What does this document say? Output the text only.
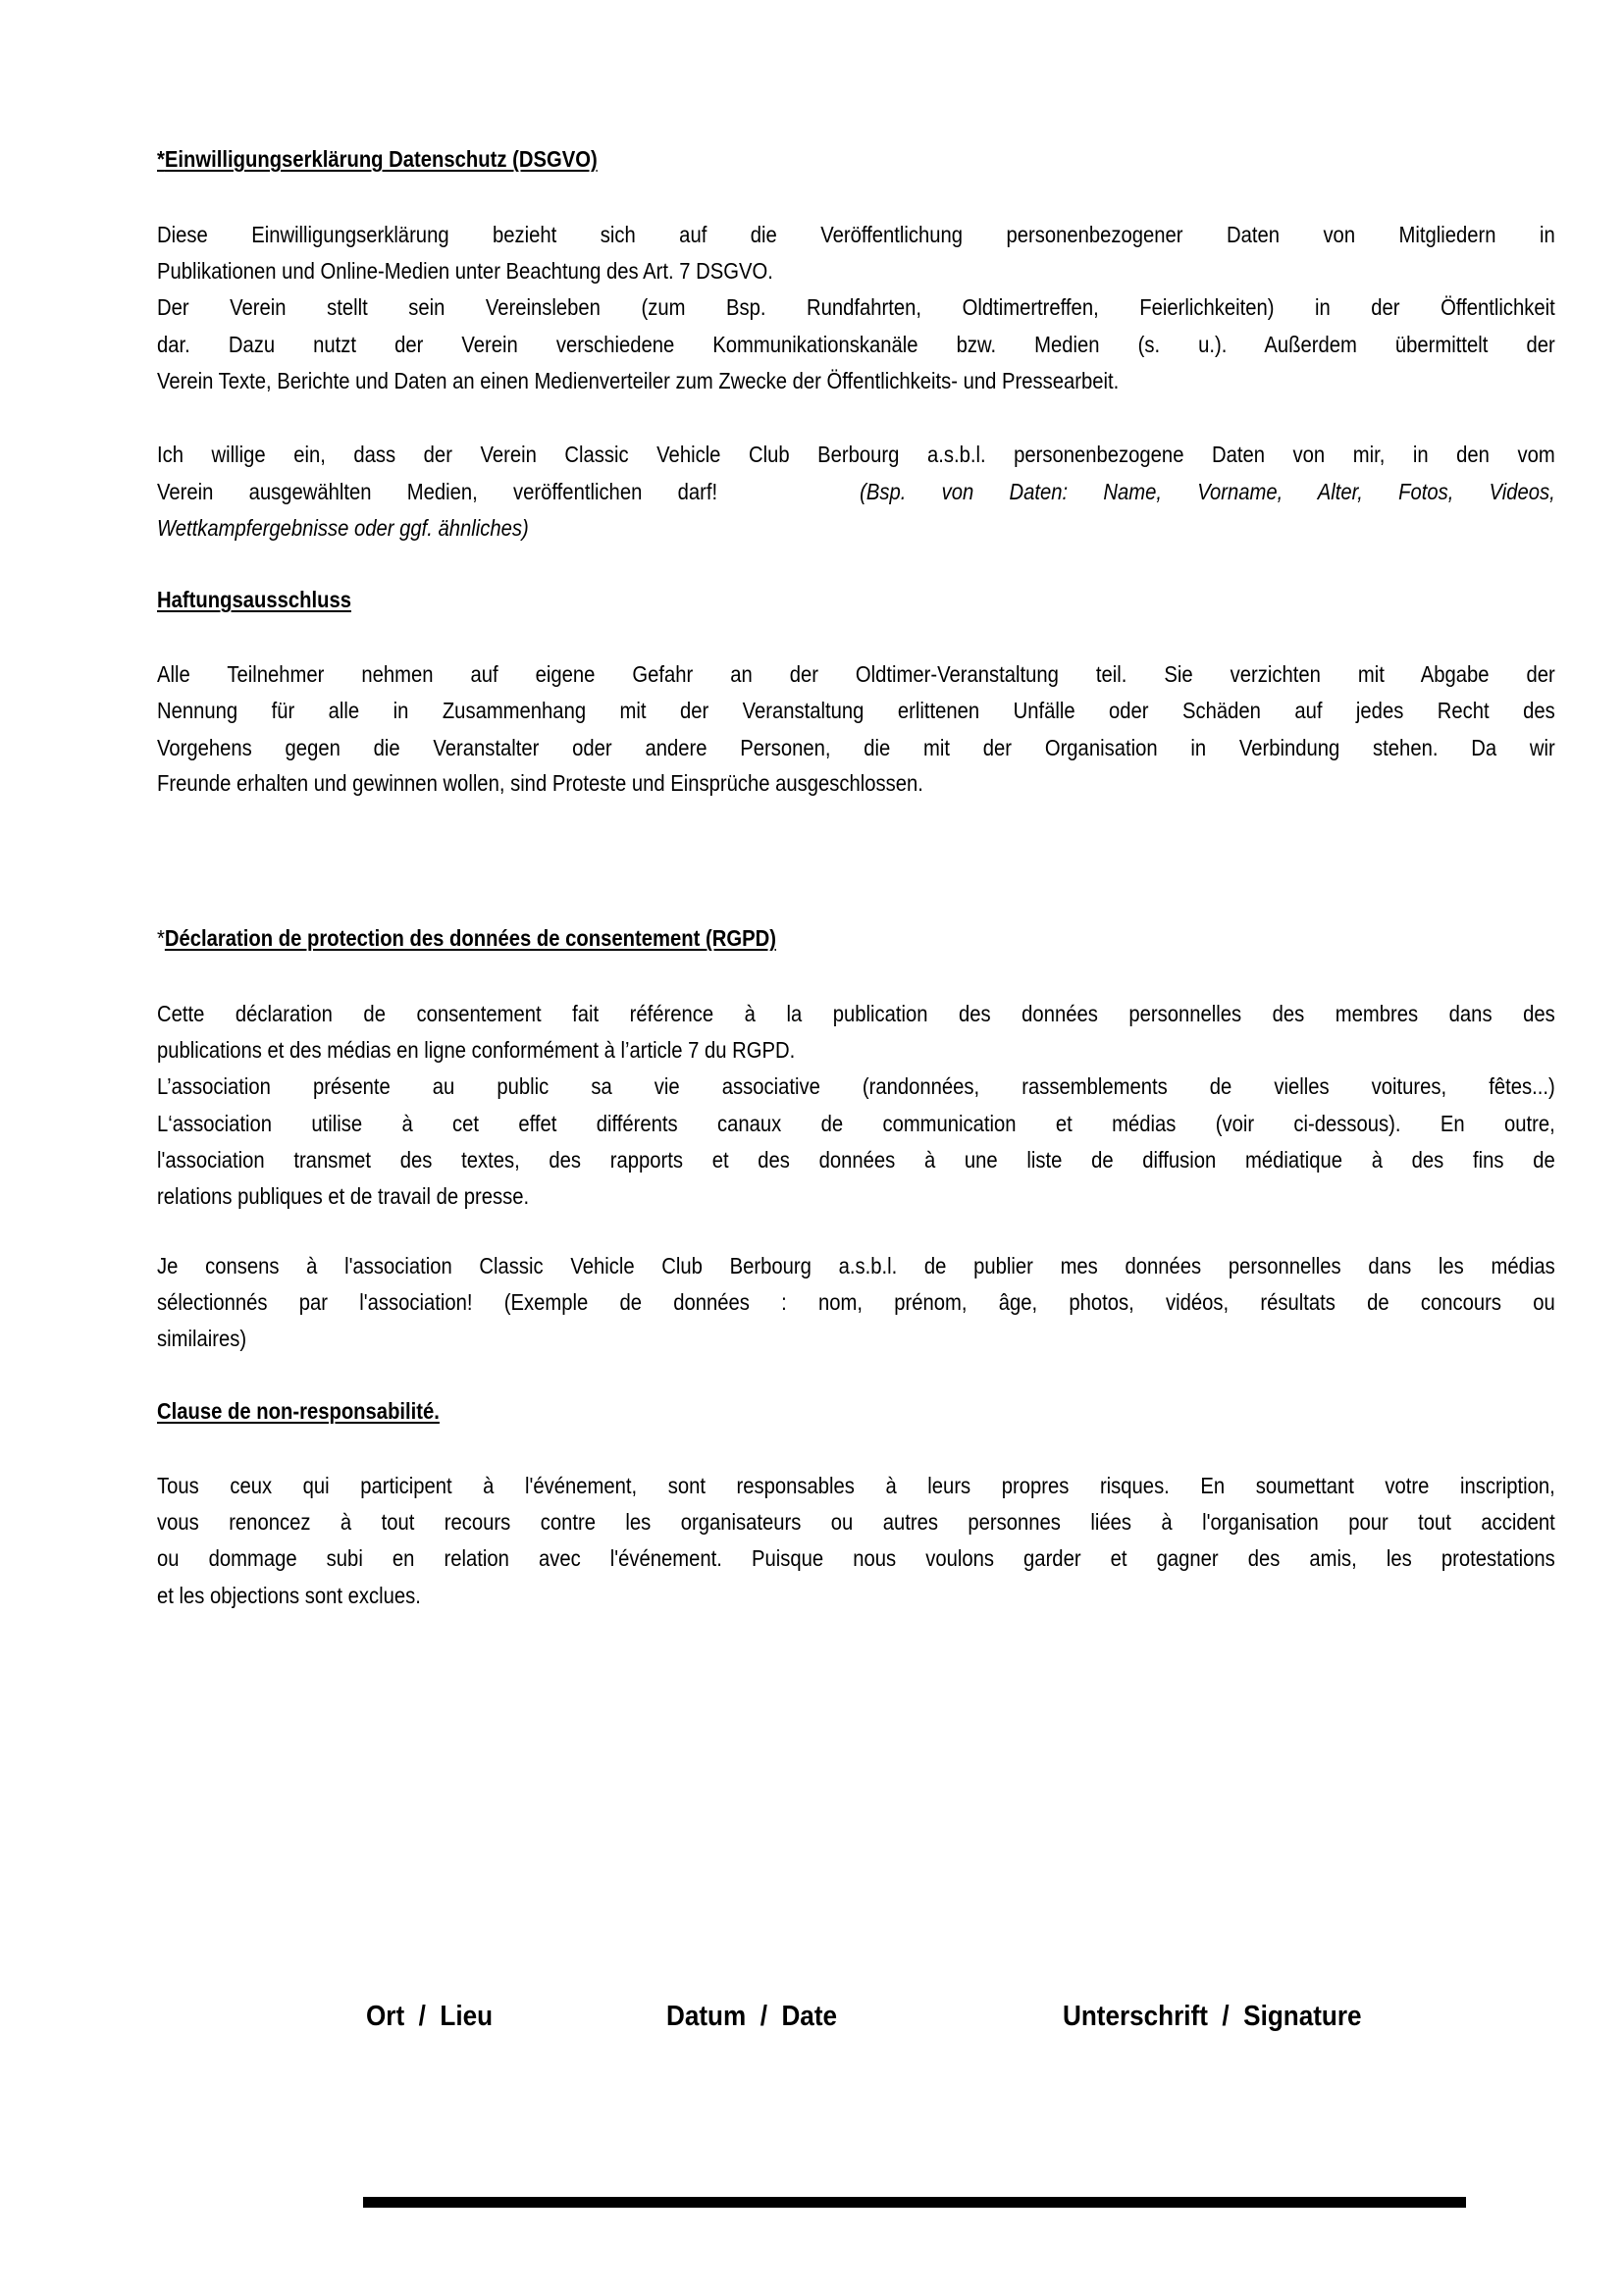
*Einwilligungserklärung Datenschutz (DSGVO)
Diese Einwilligungserklärung bezieht sich auf die Veröffentlichung personenbezogener Daten von Mitgliedern in
Publikationen und Online-Medien unter Beachtung des Art. 7 DSGVO.
Der Verein stellt sein Vereinsleben (zum Bsp. Rundfahrten, Oldtimertreffen, Feierlichkeiten) in der Öffentlichkeit
dar. Dazu nutzt der Verein verschiedene Kommunikationskanäle bzw. Medien (s. u.). Außerdem übermittelt der
Verein Texte, Berichte und Daten an einen Medienverteiler zum Zwecke der Öffentlichkeits- und Pressearbeit.
Ich willige ein, dass der Verein Classic Vehicle Club Berbourg a.s.b.l. personenbezogene Daten von mir, in den vom
Verein ausgewählten Medien, veröffentlichen darf!	(Bsp. von Daten: Name, Vorname, Alter, Fotos, Videos,
Wettkampfergebnisse oder ggf. ähnliches)
Haftungsausschluss
Alle Teilnehmer nehmen auf eigene Gefahr an der Oldtimer-Veranstaltung teil. Sie verzichten mit Abgabe der
Nennung für alle in Zusammenhang mit der Veranstaltung erlittenen Unfälle oder Schäden auf jedes Recht des
Vorgehens gegen die Veranstalter oder andere Personen, die mit der Organisation in Verbindung stehen. Da wir
Freunde erhalten und gewinnen wollen, sind Proteste und Einsprüche ausgeschlossen.
*Déclaration de protection des données de consentement (RGPD)
Cette déclaration de consentement fait référence à la publication des données personnelles des membres dans des
publications et des médias en ligne conformément à l’article 7 du RGPD.
L’association présente au public sa vie associative (randonnées, rassemblements de vielles voitures, fêtes...)
L‘association utilise à cet effet différents canaux de communication et médias (voir ci-dessous). En outre,
l'association transmet des textes, des rapports et des données à une liste de diffusion médiatique à des fins de
relations publiques et de travail de presse.
Je consens à l'association Classic Vehicle Club Berbourg a.s.b.l. de publier mes données personnelles dans les médias
sélectionnés par l'association! (Exemple de données : nom, prénom, âge, photos, vidéos, résultats de concours ou
similaires)
Clause de non-responsabilité.
Tous ceux qui participent à l'événement, sont responsables à leurs propres risques. En soumettant votre inscription,
vous renoncez à tout recours contre les organisateurs ou autres personnes liées à l'organisation pour tout accident
ou dommage subi en relation avec l'événement. Puisque nous voulons garder et gagner des amis, les protestations
et les objections sont exclues.
Ort  /  Lieu	Datum  /  Date	Unterschrift  /  Signature
